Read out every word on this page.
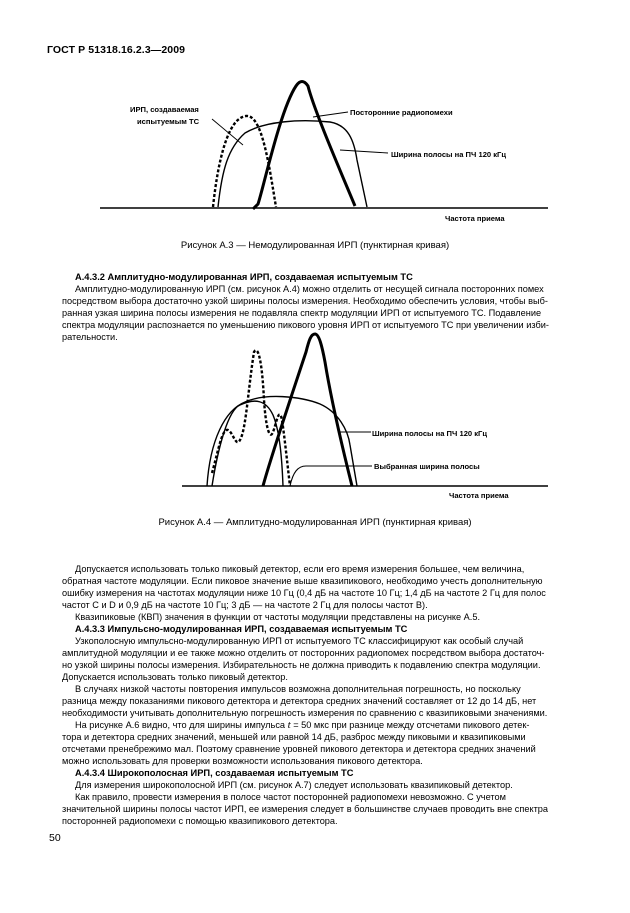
ГОСТ Р 51318.16.2.3—2009
ИРП, создаваемая
испытуемым ТС
Посторонние радиопомехи
Ширина полосы на ПЧ 120 кГц
Частота приема
Рисунок А.3 — Немодулированная ИРП (пунктирная кривая)
А.4.3.2 Амплитудно-модулированная ИРП, создаваемая испытуемым ТС
Амплитудно-модулированную ИРП (см. рисунок А.4) можно отделить от несущей сигнала посторонних помех
посредством выбора достаточно узкой ширины полосы измерения. Необходимо обеспечить условия, чтобы выб-
ранная узкая ширина полосы измерения не подавляла спектр модуляции ИРП от испытуемого ТС. Подавление
спектра модуляции распознается по уменьшению пикового уровня ИРП от испытуемого ТС при увеличении изби-
рательности.
Ширина полосы на ПЧ 120 кГц
Выбранная ширина полосы
Частота приема
Рисунок А.4 — Амплитудно-модулированная ИРП (пунктирная кривая)
Допускается использовать только пиковый детектор, если его время измерения большее, чем величина,
обратная частоте модуляции. Если пиковое значение выше квазипикового, необходимо учесть дополнительную
ошибку измерения на частотах модуляции ниже 10 Гц (0,4 дБ на частоте 10 Гц; 1,4 дБ на частоте 2 Гц для полос
частот С и D и 0,9 дБ на частоте 10 Гц; 3 дБ — на частоте 2 Гц для полосы частот В).
Квазипиковые (КВП) значения в функции от частоты модуляции представлены на рисунке А.5.
А.4.3.3 Импульсно-модулированная ИРП, создаваемая испытуемым ТС
Узкополосную импульсно-модулированную ИРП от испытуемого ТС классифицируют как особый случай
амплитудной модуляции и ее также можно отделить от посторонних радиопомех посредством выбора достаточ-
но узкой ширины полосы измерения. Избирательность не должна приводить к подавлению спектра модуляции.
Допускается использовать только пиковый детектор.
В случаях низкой частоты повторения импульсов возможна дополнительная погрешность, но поскольку
разница между показаниями пикового детектора и детектора средних значений составляет от 12 до 14 дБ, нет
необходимости учитывать дополнительную погрешность измерения по сравнению с квазипиковыми значениями.
На рисунке А.6 видно, что для ширины импульса t = 50 мкс при разнице между отсчетами пикового детек-
тора и детектора средних значений, меньшей или равной 14 дБ, разброс между пиковыми и квазипиковыми
отсчетами пренебрежимо мал. Поэтому сравнение уровней пикового детектора и детектора средних значений
можно использовать для проверки возможности использования пикового детектора.
А.4.3.4 Широкополосная ИРП, создаваемая испытуемым ТС
Для измерения широкополосной ИРП (см. рисунок А.7) следует использовать квазипиковый детектор.
Как правило, провести измерения в полосе частот посторонней радиопомехи невозможно. С учетом
значительной ширины полосы частот ИРП, ее измерения следует в большинстве случаев проводить вне спектра
посторонней радиопомехи с помощью квазипикового детектора.
50
